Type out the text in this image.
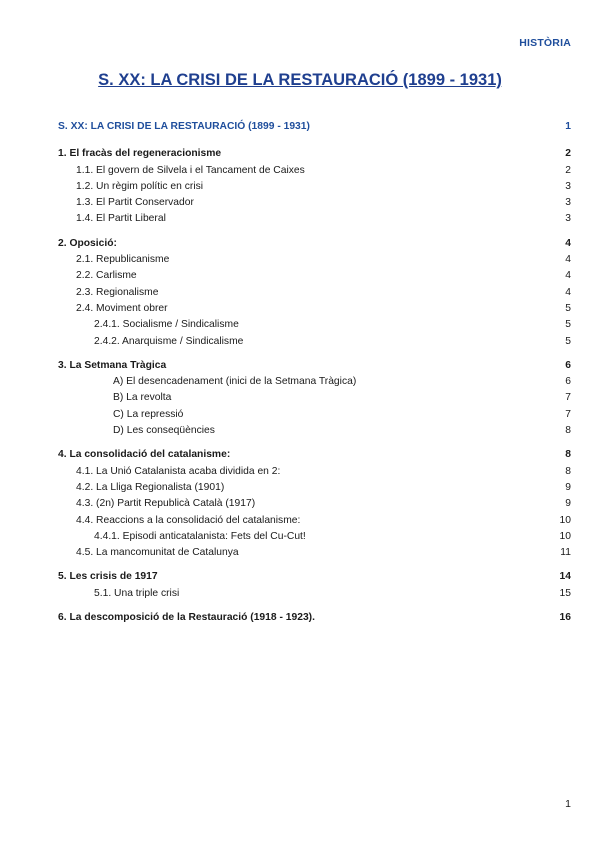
HISTÒRIA
S. XX: LA CRISI DE LA RESTAURACIÓ (1899 - 1931)
S. XX: LA CRISI DE LA RESTAURACIÓ (1899 - 1931)	1
1. El fracàs del regeneracionisme	2
1.1. El govern de Silvela i el Tancament de Caixes	2
1.2. Un règim polític en crisi	3
1.3. El Partit Conservador	3
1.4. El Partit Liberal	3
2. Oposició:	4
2.1. Republicanisme	4
2.2. Carlisme	4
2.3. Regionalisme	4
2.4. Moviment obrer	5
2.4.1. Socialisme / Sindicalisme	5
2.4.2. Anarquisme / Sindicalisme	5
3. La Setmana Tràgica	6
A) El desencadenament (inici de la Setmana Tràgica)	6
B) La revolta	7
C) La repressió	7
D) Les conseqüències	8
4. La consolidació del catalanisme:	8
4.1. La Unió Catalanista acaba dividida en 2:	8
4.2. La Lliga Regionalista (1901)	9
4.3. (2n) Partit Republicà Català (1917)	9
4.4. Reaccions a la consolidació del catalanisme:	10
4.4.1. Episodi anticatalanista: Fets del Cu-Cut!	10
4.5. La mancomunitat de Catalunya	11
5. Les crisis de 1917	14
5.1. Una triple crisi	15
6. La descomposició de la Restauració (1918 - 1923).	16
1
